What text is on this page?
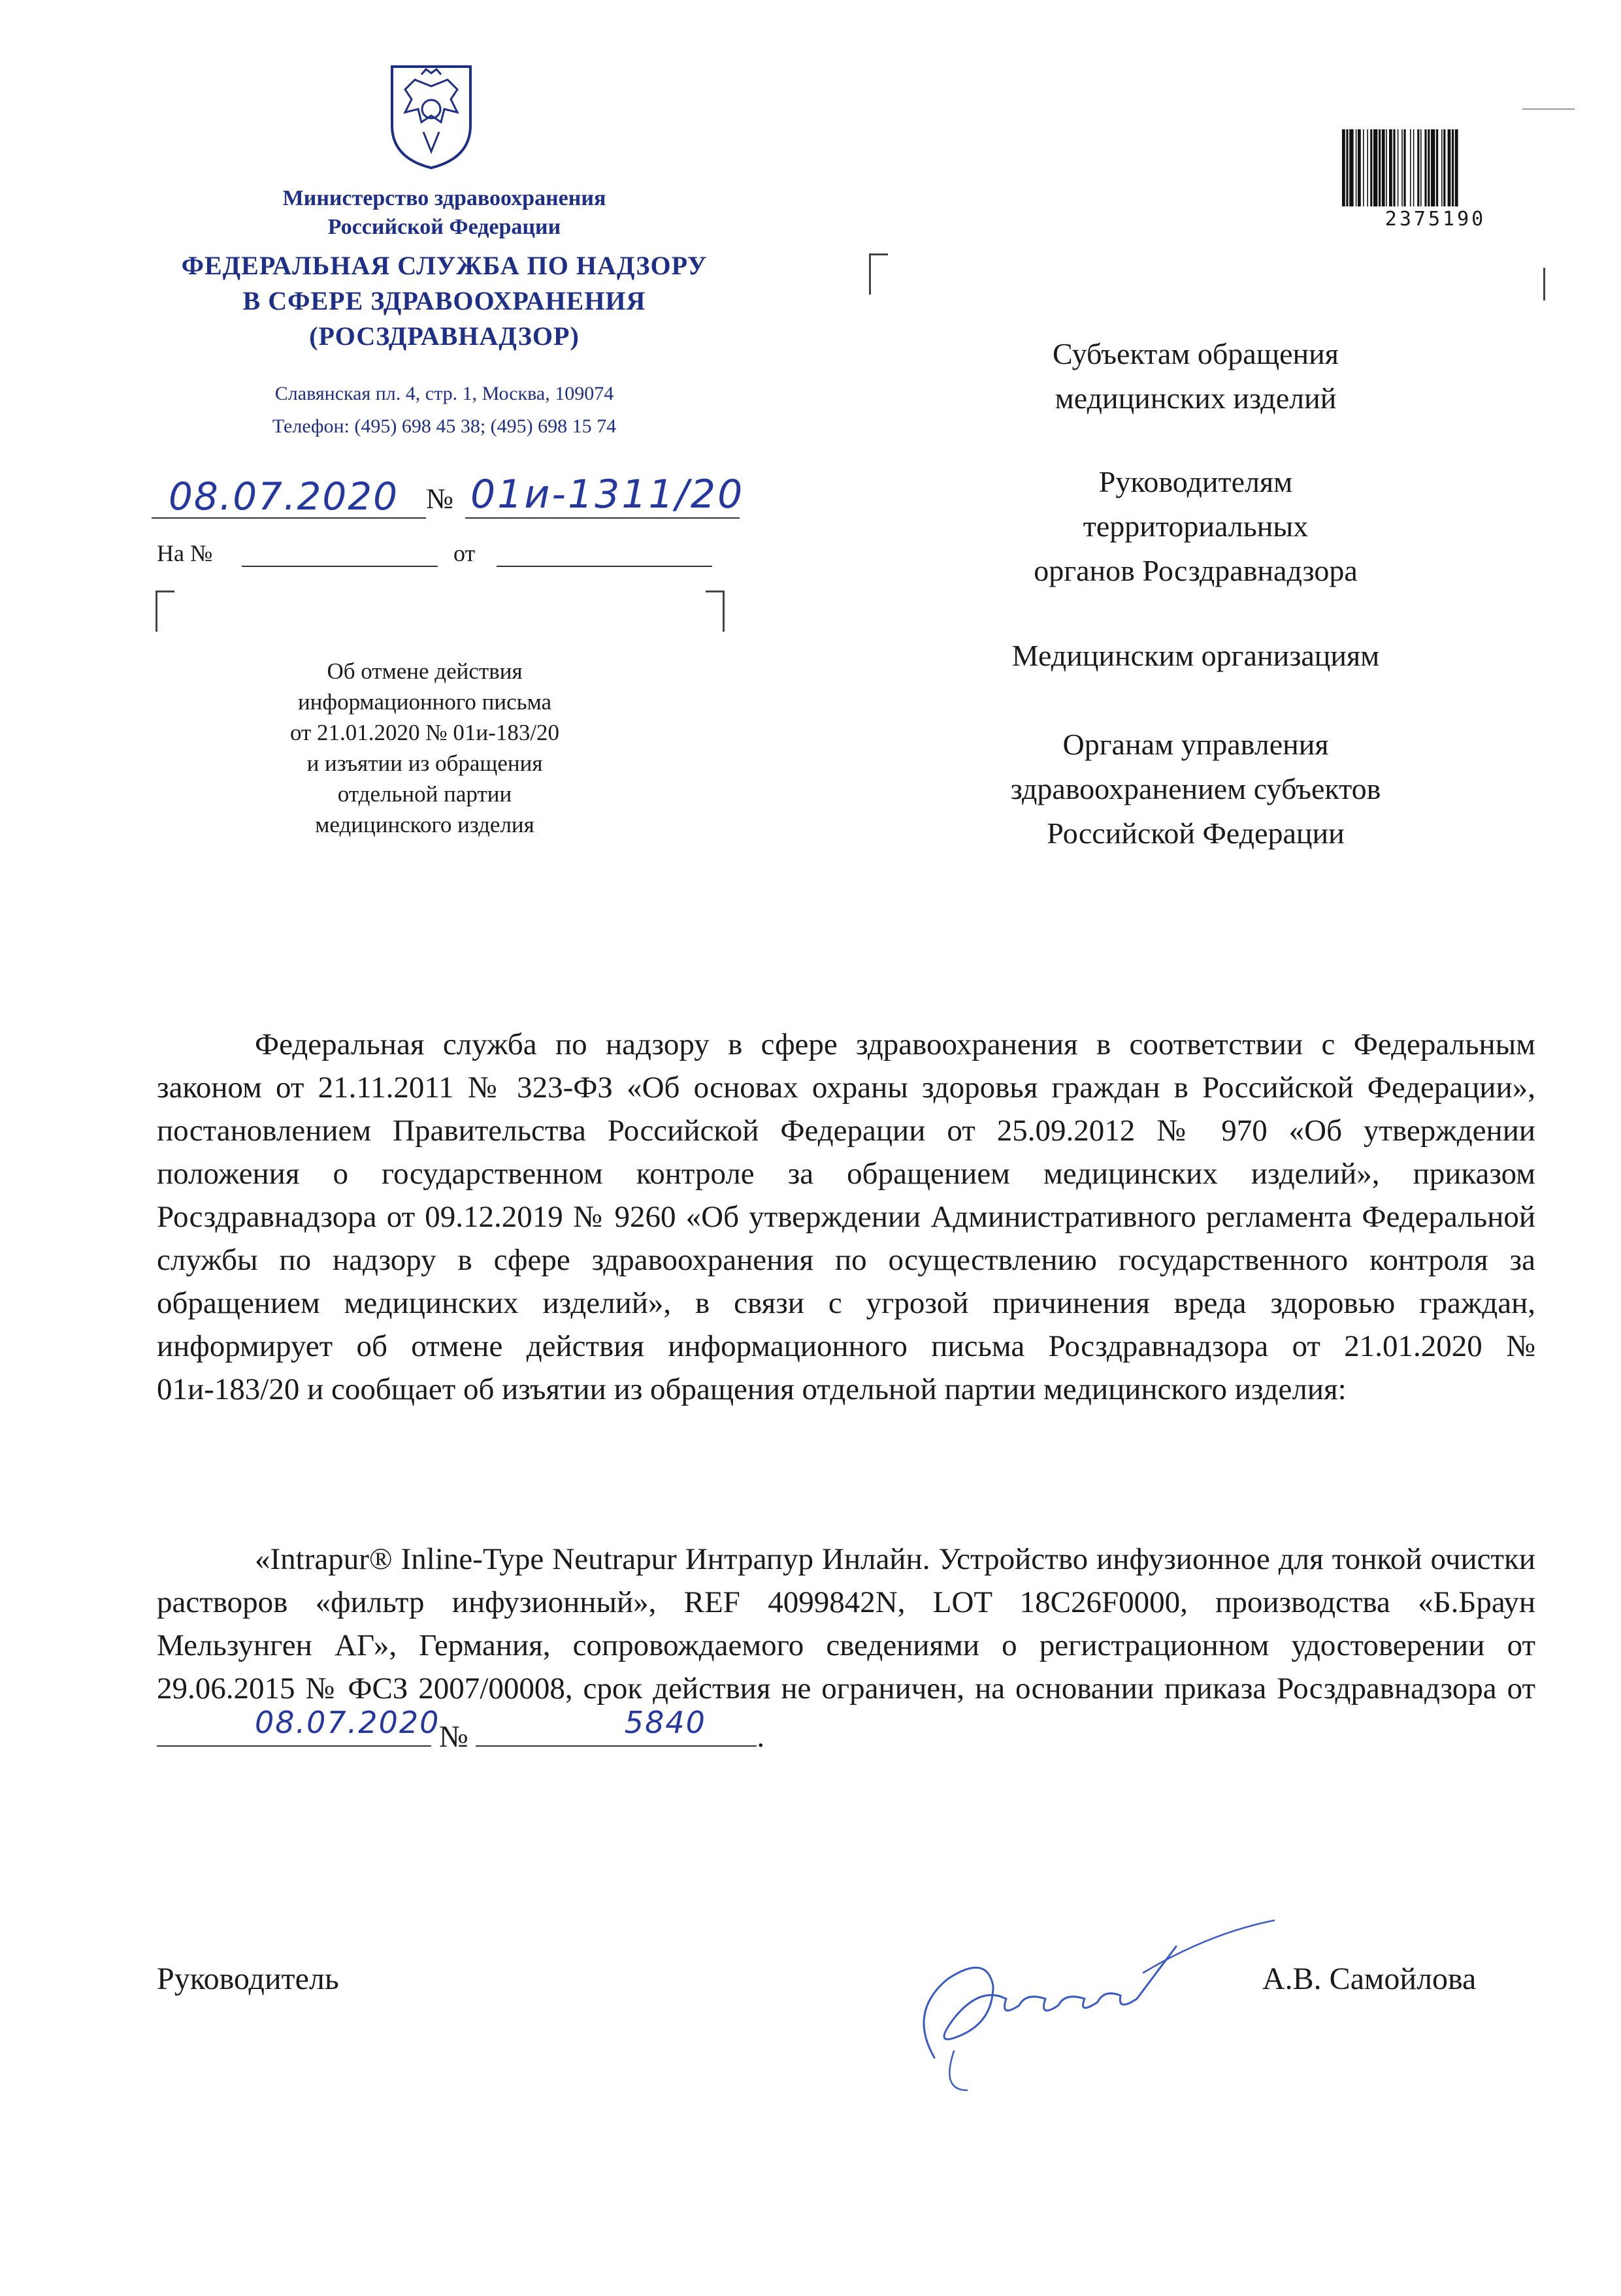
Министерство здравоохранения
Российской Федерации
ФЕДЕРАЛЬНАЯ СЛУЖБА ПО НАДЗОРУ
В СФЕРЕ ЗДРАВООХРАНЕНИЯ
(РОСЗДРАВНАДЗОР)
Славянская пл. 4, стр. 1, Москва, 109074
Телефон: (495) 698 45 38; (495) 698 15 74
08.07.2020 № 01и-1311/20
На №	от
Об отмене действия
информационного письма
от 21.01.2020 № 01и-183/20
и изъятии из обращения
отдельной партии
медицинского изделия
2375190
Субъектам обращения
медицинских изделий
Руководителям
территориальных
органов Росздравнадзора
Медицинским организациям
Органам управления
здравоохранением субъектов
Российской Федерации
Федеральная служба по надзору в сфере здравоохранения в соответствии с Федеральным законом от 21.11.2011 № 323-ФЗ «Об основах охраны здоровья граждан в Российской Федерации», постановлением Правительства Российской Федерации от 25.09.2012 № 970 «Об утверждении положения о государственном контроле за обращением медицинских изделий», приказом Росздравнадзора от 09.12.2019 № 9260 «Об утверждении Административного регламента Федеральной службы по надзору в сфере здравоохранения по осуществлению государственного контроля за обращением медицинских изделий», в связи с угрозой причинения вреда здоровью граждан, информирует об отмене действия информационного письма Росздравнадзора от 21.01.2020 № 01и-183/20 и сообщает об изъятии из обращения отдельной партии медицинского изделия:
«Intrapur® Inline-Type Neutrapur Интрапур Инлайн. Устройство инфузионное для тонкой очистки растворов «фильтр инфузионный», REF 4099842N, LOT 18C26F0000, производства «Б.Браун Мельзунген АГ», Германия, сопровождаемого сведениями о регистрационном удостоверении от 29.06.2015 № ФСЗ 2007/00008, срок действия не ограничен, на основании приказа Росздравнадзора от
08.07.2020
№	5840	.
Руководитель	А.В. Самойлова
